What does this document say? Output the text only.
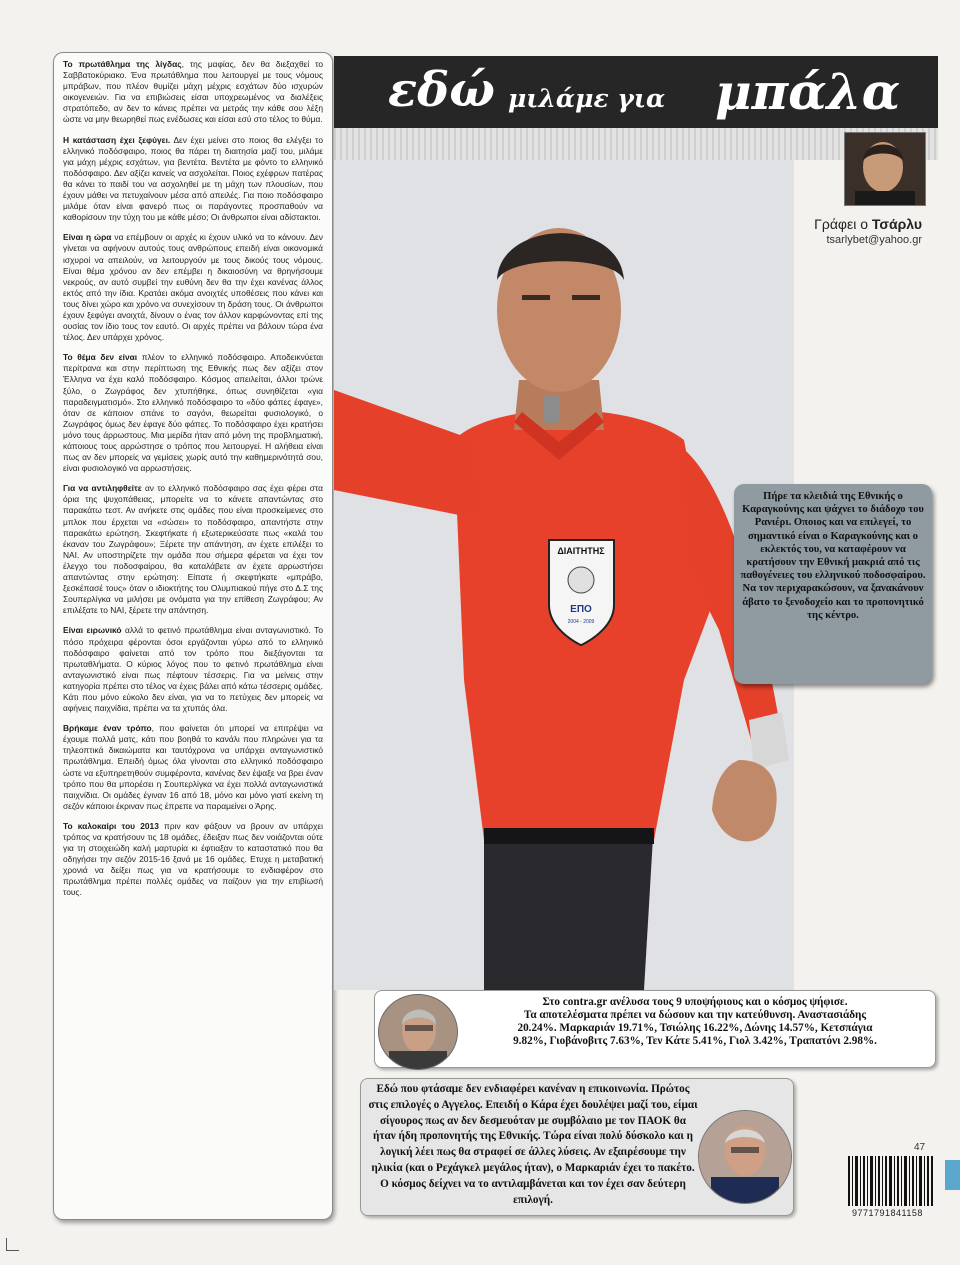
Το πρωτάθλημα της λίγδας, της μαφίας, δεν θα διεξαχθεί το Σαββατοκύριακο. Ένα πρωτάθλημα που λειτουργεί με τους νόμους μπράβων, που πλέον θυμίζει μάχη μέχρις εσχάτων δύο ισχυρών οικογενειών. Για να επιβιώσεις είσαι υποχρεωμένος να διαλέξεις στρατόπεδο, αν δεν το κάνεις πρέπει να μετράς την κάθε σου λέξη ώστε να μην θεωρηθεί πως ενέδωσες και είσαι εσύ στο τέλος το θύμα.

Η κατάσταση έχει ξεφύγει. Δεν έχει μείνει στο ποιος θα ελέγξει το ελληνικό ποδόσφαιρο, ποιος θα πάρει τη διαιτησία μαζί του, μιλάμε για μάχη μέχρις εσχάτων, για βεντέτα. Βεντέτα με φόντο το ελληνικό ποδόσφαιρο. Δεν αξίζει κανείς να ασχολείται. Ποιος εχέφρων πατέρας θα κάνει το παιδί του να ασχοληθεί με τη μάχη των πλουσίων, που έχουν μάθει να πετυχαίνουν μέσα από απειλές. Για ποιο ποδόσφαιρο μιλάμε όταν είναι φανερό πως οι παράγοντες προσπαθούν να καθορίσουν την τύχη του με κάθε μέσο; Οι άνθρωποι είναι αδίστακτοι.

Είναι η ώρα να επέμβουν οι αρχές κι έχουν υλικό να το κάνουν. Δεν γίνεται να αφήνουν αυτούς τους ανθρώπους επειδή είναι οικονομικά ισχυροί να απειλούν, να λειτουργούν με τους δικούς τους νόμους. Είναι θέμα χρόνου αν δεν επέμβει η δικαιοσύνη να θρηνήσουμε νεκρούς, αν αυτό συμβεί την ευθύνη δεν θα την έχει κανένας άλλος εκτός από την ίδια. Κρατάει ακόμα ανοιχτές υποθέσεις που κάνει και τους δίνει χώρο και χρόνο να συνεχίσουν τη δράση τους. Οι άνθρωποι έχουν ξεφύγει ανοιχτά, δίνουν ο ένας τον άλλον καρφώνοντας επί της ουσίας τον ίδιο τους τον εαυτό. Οι αρχές πρέπει να βάλουν τώρα ένα τέλος. Δεν υπάρχει χρόνος.

Το θέμα δεν είναι πλέον το ελληνικό ποδόσφαιρο. Αποδεικνύεται περίτρανα και στην περίπτωση της Εθνικής πως δεν αξίζει στον Έλληνα να έχει καλό ποδόσφαιρο. Κόσμος απειλείται, άλλοι τρώνε ξύλο, ο Ζωγράφος δεν χτυπήθηκε, όπως συνηθίζεται «για παραδειγματισμό». Στο ελληνικό ποδόσφαιρο το «δύο φάπες έφαγε», όταν σε κάποιον σπάνε το σαγόνι, θεωρείται φυσιολογικό, ο Ζωγράφος όμως δεν έφαγε δύο φάπες. Το ποδόσφαιρο έχει κρατήσει μόνο τους άρρωστους. Μια μερίδα ήταν από μόνη της προβληματική, κάποιους τους αρρώστησε ο τρόπος που λειτουργεί. Η αλήθεια είναι πως αν δεν μπορείς να γεμίσεις χωρίς αυτό την καθημερινότητά σου, είναι φυσιολογικό να αρρωστήσεις.

Για να αντιληφθείτε αν το ελληνικό ποδόσφαιρο σας έχει φέρει στα όρια της ψυχοπάθειας, μπορείτε να το κάνετε απαντώντας στο παρακάτω τεστ. Αν ανήκετε στις ομάδες που είναι προσκείμενες στο μπλοκ που έρχεται να «σώσει» το ποδόσφαιρο, απαντήστε στην παρακάτω ερώτηση. Σκεφτήκατε ή εξωτερικεύσατε πως «καλά του έκαναν του Ζωγράφου»; Ξέρετε την απάντηση, αν έχετε επιλέξει το ΝΑΙ. Αν υποστηρίζετε την ομάδα που σήμερα φέρεται να έχει τον έλεγχο του ποδοσφαίρου, θα καταλάβετε αν έχετε αρρωστήσει απαντώντας στην ερώτηση: Είπατε ή σκεφτήκατε «μπράβο, ξεσκέπασέ τους» όταν ο ιδιοκτήτης του Ολυμπιακού πήγε στο Δ.Σ της Σουπερλίγκα να μιλήσει με ονόματα για την επίθεση Ζωγράφου; Αν επιλέξατε το ΝΑΙ, ξέρετε την απάντηση.

Είναι ειρωνικό αλλά το φετινό πρωτάθλημα είναι ανταγωνιστικό. Το πόσο πρόχειρα φέρονται όσοι εργάζονται γύρω από το ελληνικό ποδόσφαιρο φαίνεται από τον τρόπο που διεξάγονται τα πρωταθλήματα. Ο κύριος λόγος που το φετινό πρωτάθλημα είναι ανταγωνιστικό είναι πως πέφτουν τέσσερις. Για να μείνεις στην κατηγορία πρέπει στο τέλος να έχεις βάλει από κάτω τέσσερις ομάδες. Κάτι που μόνο εύκολο δεν είναι, για να το πετύχεις δεν μπορείς να αφήνεις παιχνίδια, πρέπει να τα χτυπάς όλα.

Βρήκαμε έναν τρόπο, που φαίνεται ότι μπορεί να επιτρέψει να έχουμε πολλά ματς, κάτι που βοηθά το κανάλι που πληρώνει για τα τηλεοπτικά δικαιώματα και ταυτόχρονα να υπάρχει ανταγωνιστικό πρωτάθλημα. Επειδή όμως όλα γίνονται στο ελληνικό ποδόσφαιρο ώστε να εξυπηρετηθούν συμφέροντα, κανένας δεν έψαξε να βρει έναν τρόπο που θα μπορέσει η Σουπερλίγκα να έχει πολλά ανταγωνιστικά παιχνίδια. Οι ομάδες έγιναν 16 από 18, μόνο και μόνο γιατί εκείνη τη σεζόν κάποιοι έκριναν πως έπρεπε να παραμείνει ο Άρης.

Το καλοκαίρι του 2013 πριν καν φάξουν να βρουν αν υπάρχει τρόπος να κρατήσουν τις 18 ομάδες, έδειξαν πως δεν νοιάζονται ούτε για τη στοιχειώδη καλή μαρτυρία κι έφτιαξαν το καταστατικό που θα οδηγήσει την σεζόν 2015-16 ξανά με 16 ομάδες. Ετυχε η μεταβατική χρονιά να δείξει πως για να κρατήσουμε το ενδιαφέρον στο πρωτάθλημα πρέπει πολλές ομάδες να παίζουν για την επιβίωσή τους.

εδώ μιλάμε για μπάλα
ΔΙΑΙΤΗΤΗΣ
ΕΠΟ
2004 - 2009
Γράφει ο Τσάρλυ
tsarlybet@yahoo.gr
Πήρε τα κλειδιά της Εθνικής ο Καραγκούνης και ψάχνει το διάδοχο του Ρανιέρι. Οποιος και να επιλεγεί, το σημαντικό είναι ο Καραγκούνης και ο εκλεκτός του, να καταφέρουν να κρατήσουν την Εθνική μακριά από τις παθογένειες του ελληνικού ποδοσφαίρου. Να τον περιχαρακώσουν, να ξανακάνουν άβατο το ξενοδοχείο και το προπονητικό της κέντρο.
Στο contra.gr ανέλυσα τους 9 υποψήφιους και ο κόσμος ψήφισε.
Τα αποτελέσματα πρέπει να δώσουν και την κατεύθυνση. Αναστασιάδης
20.24%. Μαρκαριάν 19.71%, Τσιώλης 16.22%, Δώνης 14.57%, Κετσπάγια
9.82%, Γιοβάνοβιτς 7.63%, Τεν Κάτε 5.41%, Γιολ 3.42%, Τραπατόνι 2.98%.
Εδώ που φτάσαμε δεν ενδιαφέρει κανέναν η επικοινωνία. Πρώτος στις επιλογές ο Αγγελος. Επειδή ο Κάρα έχει δουλέψει μαζί του, είμαι σίγουρος πως αν δεν δεσμευόταν με συμβόλαιο με τον ΠΑΟΚ θα ήταν ήδη προπονητής της Εθνικής. Τώρα είναι πολύ δύσκολο και η λογική λέει πως θα στραφεί σε άλλες λύσεις. Αν εξαιρέσουμε την ηλικία (και ο Ρεχάγκελ μεγάλος ήταν), ο Μαρκαριάν έχει το πακέτο. Ο κόσμος δείχνει να το αντιλαμβάνεται και τον έχει σαν δεύτερη επιλογή.
47
9771791841158
